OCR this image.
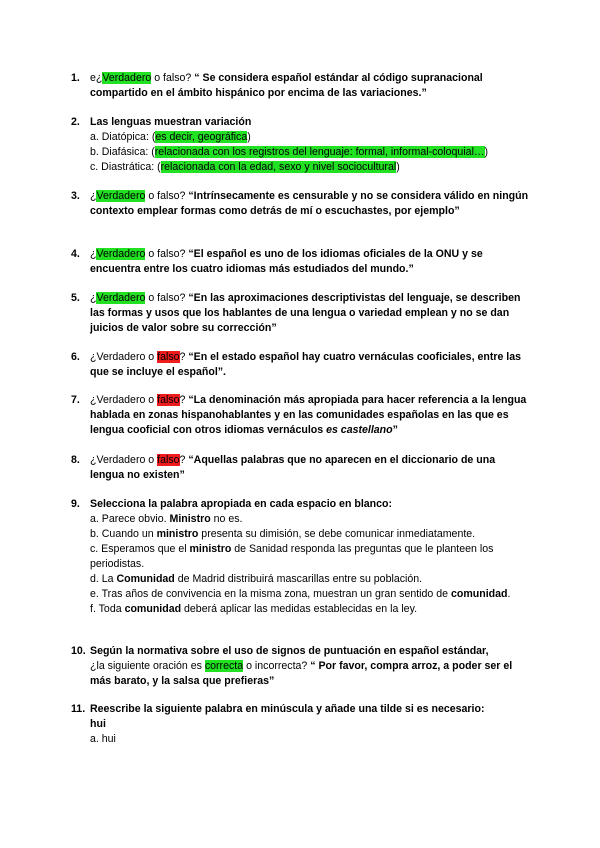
1. e¿Verdadero o falso? “ Se considera español estándar al código supranacional compartido en el ámbito hispánico por encima de las variaciones.”
2. Las lenguas muestran variación
a. Diatópica: (es decir, geográfica)
b. Diafásica: (relacionada con los registros del lenguaje: formal, informal-coloquial…)
c. Diastrática: (relacionada con la edad, sexo y nivel sociocultural)
3. ¿Verdadero o falso? “Intrínsecamente es censurable y no se considera válido en ningún contexto emplear formas como detrás de mí o escuchastes, por ejemplo”
4. ¿Verdadero o falso? “El español es uno de los idiomas oficiales de la ONU y se encuentra entre los cuatro idiomas más estudiados del mundo.”
5. ¿Verdadero o falso? “En las aproximaciones descriptivistas del lenguaje, se describen las formas y usos que los hablantes de una lengua o variedad emplean y no se dan juicios de valor sobre su corrección”
6. ¿Verdadero o falso? “En el estado español hay cuatro vernáculas cooficiales, entre las que se incluye el español”.
7. ¿Verdadero o falso? “La denominación más apropiada para hacer referencia a la lengua hablada en zonas hispanohablantes y en las comunidades españolas en las que es lengua cooficial con otros idiomas vernáculos es castellano”
8. ¿Verdadero o falso? “Aquellas palabras que no aparecen en el diccionario de una lengua no existen”
9. Selecciona la palabra apropiada en cada espacio en blanco:
a. Parece obvio. Ministro no es.
b. Cuando un ministro presenta su dimisión, se debe comunicar inmediatamente.
c. Esperamos que el ministro de Sanidad responda las preguntas que le planteen los periodistas.
d. La Comunidad de Madrid distribuirá mascarillas entre su población.
e. Tras años de convivencia en la misma zona, muestran un gran sentido de comunidad.
f. Toda comunidad deberá aplicar las medidas establecidas en la ley.
10. Según la normativa sobre el uso de signos de puntuación en español estándar,
¿la siguiente oración es correcta o incorrecta? “ Por favor, compra arroz, a poder ser el más barato, y la salsa que prefieras”
11. Reescribe la siguiente palabra en minúscula y añade una tilde si es necesario:
hui
a. hui
